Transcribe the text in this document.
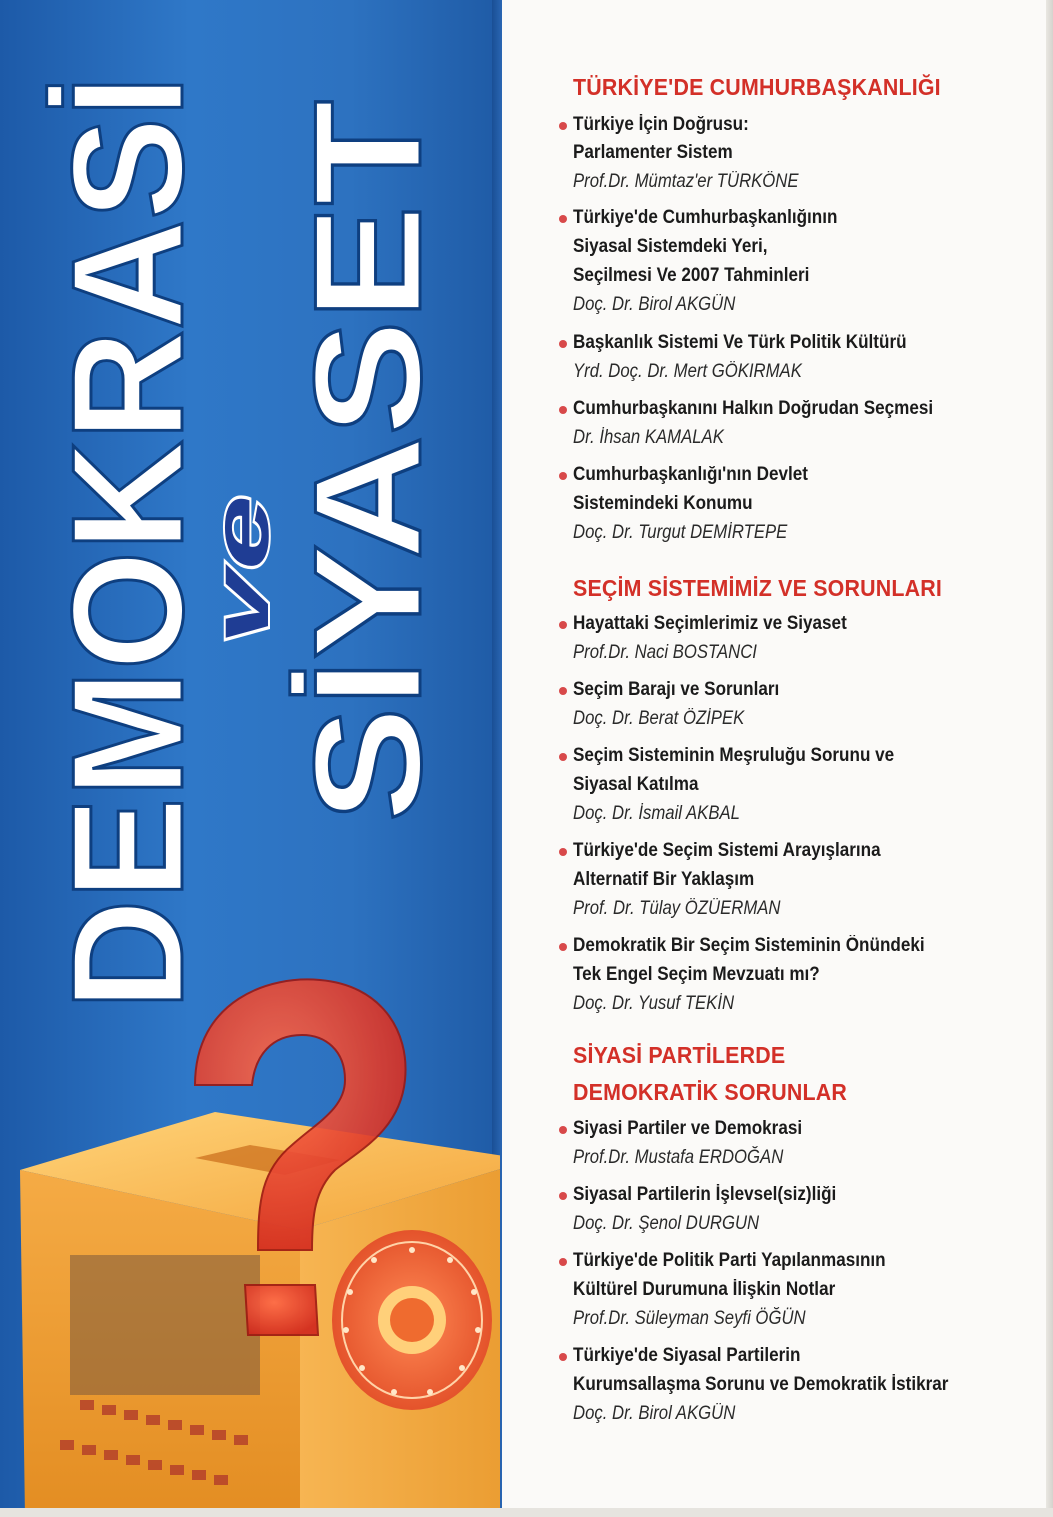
DEMOKRASİ SİYASET
ve
TÜRKİYE'DE CUMHURBAŞKANLIĞI
Türkiye İçin Doğrusu:
Parlamenter Sistem
Prof.Dr. Mümtaz'er TÜRKÖNE
Türkiye'de Cumhurbaşkanlığının
Siyasal Sistemdeki Yeri,
Seçilmesi Ve 2007 Tahminleri
Doç. Dr. Birol AKGÜN
Başkanlık Sistemi Ve Türk Politik Kültürü
Yrd. Doç. Dr. Mert GÖKIRMAK
Cumhurbaşkanını Halkın Doğrudan Seçmesi
Dr. İhsan KAMALAK
Cumhurbaşkanlığı'nın Devlet
Sistemindeki Konumu
Doç. Dr. Turgut DEMİRTEPE
SEÇİM SİSTEMİMİZ VE SORUNLARI
Hayattaki Seçimlerimiz ve Siyaset
Prof.Dr. Naci BOSTANCI
Seçim Barajı ve Sorunları
Doç. Dr. Berat ÖZİPEK
Seçim Sisteminin Meşruluğu Sorunu ve
Siyasal Katılma
Doç. Dr. İsmail AKBAL
Türkiye'de Seçim Sistemi Arayışlarına
Alternatif Bir Yaklaşım
Prof. Dr. Tülay ÖZÜERMAN
Demokratik Bir Seçim Sisteminin Önündeki
Tek Engel Seçim Mevzuatı mı?
Doç. Dr. Yusuf TEKİN
SİYASİ PARTİLERDE
DEMOKRATİK SORUNLAR
Siyasi Partiler ve Demokrasi
Prof.Dr. Mustafa ERDOĞAN
Siyasal Partilerin İşlevsel(siz)liği
Doç. Dr. Şenol DURGUN
Türkiye'de Politik Parti Yapılanmasının
Kültürel Durumuna İlişkin Notlar
Prof.Dr. Süleyman Seyfi ÖĞÜN
Türkiye'de Siyasal Partilerin
Kurumsallaşma Sorunu ve Demokratik İstikrar
Doç. Dr. Birol AKGÜN
